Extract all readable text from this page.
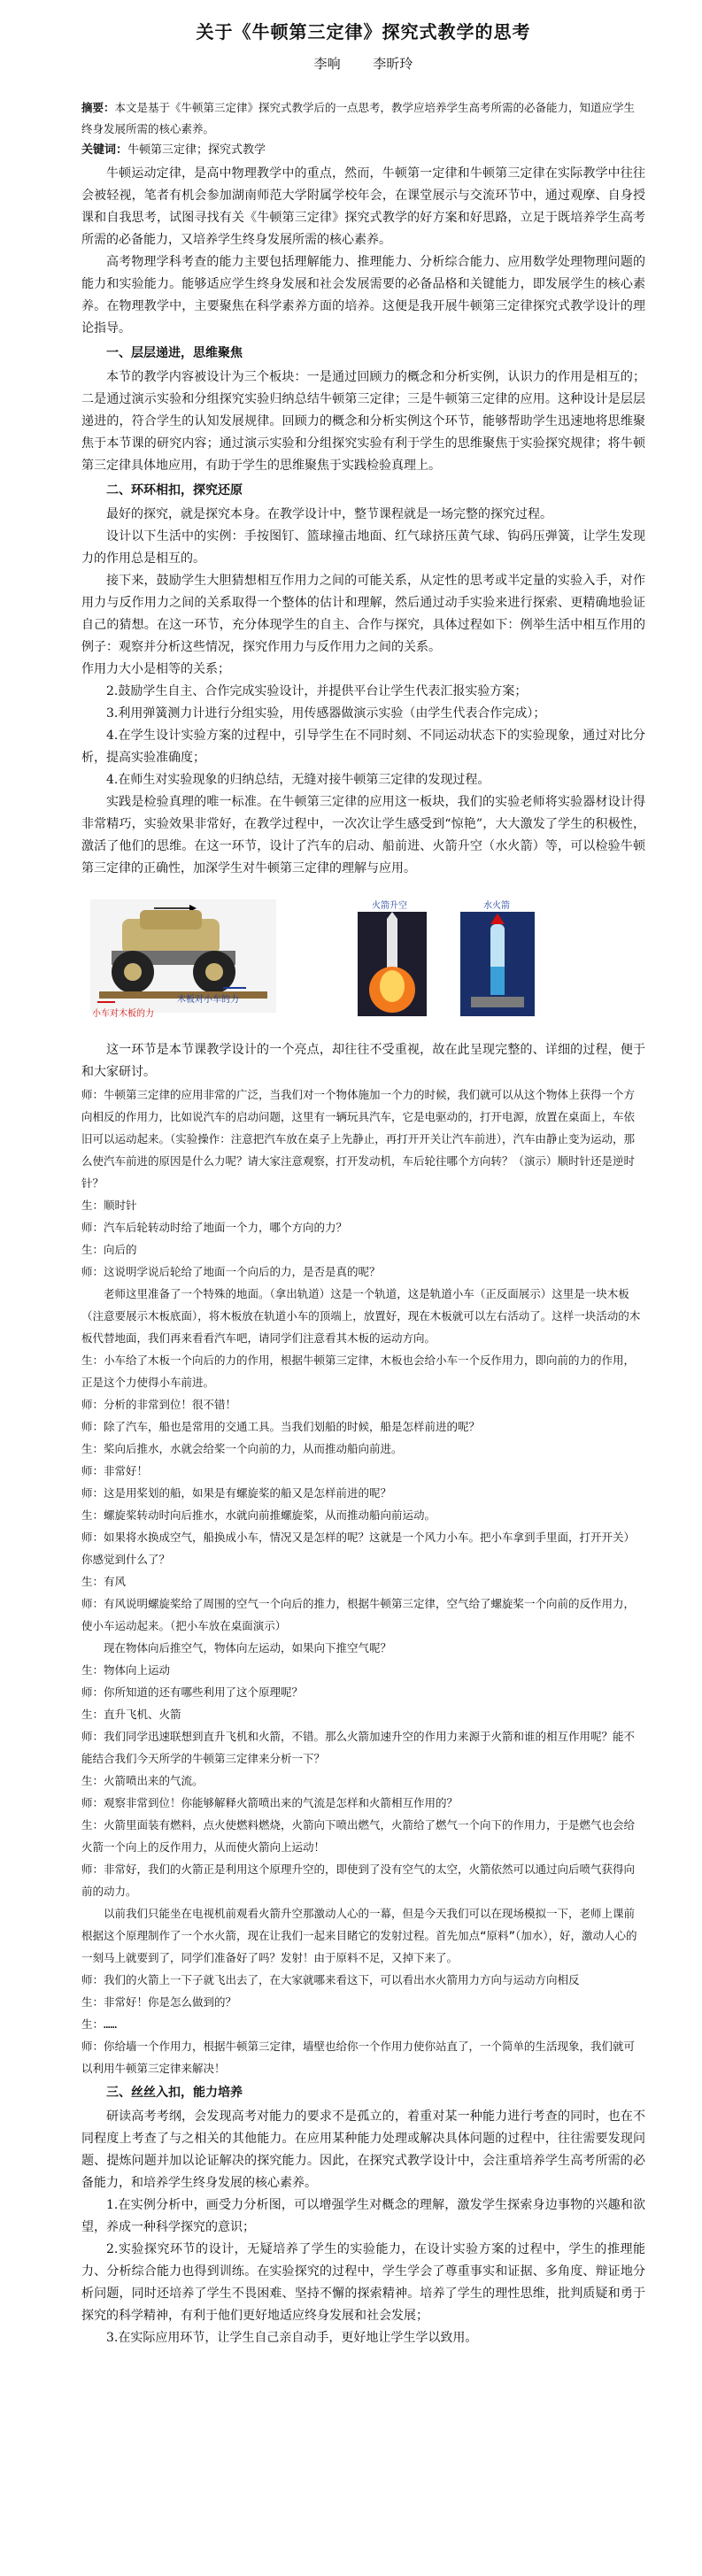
关于《牛顿第三定律》探究式教学的思考
李响 李昕玲

摘要：本文是基于《牛顿第三定律》探究式教学后的一点思考，教学应培养学生高考所需的必备能力，知道应学生终身发展所需的核心素养。

关键词：牛顿第三定律；探究式教学

牛顿运动定律，是高中物理教学中的重点，然而，牛顿第一定律和牛顿第三定律在实际教学中往往会被轻视，笔者有机会参加湖南师范大学附属学校年会，在课堂展示与交流环节中，通过观摩、自身授课和自我思考，试图寻找有关《牛顿第三定律》探究式教学的好方案和好思路，立足于既培养学生高考所需的必备能力，又培养学生终身发展所需的核心素养。

高考物理学科考查的能力主要包括理解能力、推理能力、分析综合能力、应用数学处理物理问题的能力和实验能力。能够适应学生终身发展和社会发展需要的必备品格和关键能力，即发展学生的核心素养。在物理教学中，主要聚焦在科学素养方面的培养。这便是我开展牛顿第三定律探究式教学设计的理论指导。

一、层层递进，思维聚焦

本节的教学内容被设计为三个板块：一是通过回顾力的概念和分析实例，认识力的作用是相互的；二是通过演示实验和分组探究实验归纳总结牛顿第三定律；三是牛顿第三定律的应用。这种设计是层层递进的，符合学生的认知发展规律。回顾力的概念和分析实例这个环节，能够帮助学生迅速地将思维聚焦于本节课的研究内容；通过演示实验和分组探究实验有利于学生的思维聚焦于实验探究规律；将牛顿第三定律具体地应用，有助于学生的思维聚焦于实践检验真理上。

二、环环相扣，探究还原

最好的探究，就是探究本身。在教学设计中，整节课程就是一场完整的探究过程。

设计以下生活中的实例：手按图钉、篮球撞击地面、红气球挤压黄气球、钩码压弹簧，让学生发现力的作用总是相互的。

接下来，鼓励学生大胆猜想相互作用力之间的可能关系，从定性的思考或半定量的实验入手，对作用力与反作用力之间的关系取得一个整体的估计和理解，然后通过动手实验来进行探索、更精确地验证自己的猜想。在这一环节，充分体现学生的自主、合作与探究，具体过程如下：例举生活中相互作用的例子：观察并分析这些情况，探究作用力与反作用力之间的关系。

作用力大小是相等的关系；

2.鼓励学生自主、合作完成实验设计，并提供平台让学生代表汇报实验方案；

3.利用弹簧测力计进行分组实验，用传感器做演示实验（由学生代表合作完成）；

4.在学生设计实验方案的过程中，引导学生在不同时刻、不同运动状态下的实验现象，通过对比分析，提高实验准确度；

4.在师生对实验现象的归纳总结，无缝对接牛顿第三定律的发现过程。

实践是检验真理的唯一标准。在牛顿第三定律的应用这一板块，我们的实验老师将实验器材设计得非常精巧，实验效果非常好，在教学过程中，一次次让学生感受到“惊艳”，大大激发了学生的积极性，激活了他们的思维。在这一环节，设计了汽车的启动、船前进、火箭升空（水火箭）等，可以检验牛顿第三定律的正确性，加深学生对牛顿第三定律的理解与应用。

小车对木板的力
木板对小车的力
火箭升空	水火箭

这一环节是本节课教学设计的一个亮点，却往往不受重视，故在此呈现完整的、详细的过程，便于和大家研讨。

师：牛顿第三定律的应用非常的广泛，当我们对一个物体施加一个力的时候，我们就可以从这个物体上获得一个方向相反的作用力，比如说汽车的启动问题，这里有一辆玩具汽车，它是电驱动的，打开电源，放置在桌面上，车依旧可以运动起来。（实验操作：注意把汽车放在桌子上先静止，再打开开关让汽车前进），汽车由静止变为运动，那么使汽车前进的原因是什么力呢？请大家注意观察，打开发动机，车后轮往哪个方向转？（演示）顺时针还是逆时针？

生：顺时针

师：汽车后轮转动时给了地面一个力，哪个方向的力？

生：向后的

师：这说明学说后轮给了地面一个向后的力，是否是真的呢？

老师这里准备了一个特殊的地面。（拿出轨道）这是一个轨道，这是轨道小车（正反面展示）这里是一块木板（注意要展示木板底面），将木板放在轨道小车的顶端上，放置好，现在木板就可以左右活动了。这样一块活动的木板代替地面，我们再来看看汽车吧，请同学们注意看其木板的运动方向。

生：小车给了木板一个向后的力的作用，根据牛顿第三定律，木板也会给小车一个反作用力，即向前的力的作用，正是这个力使得小车前进。

师：分析的非常到位！很不错！

师：除了汽车，船也是常用的交通工具。当我们划船的时候，船是怎样前进的呢？

生：桨向后推水，水就会给桨一个向前的力，从而推动船向前进。

师：非常好！

师：这是用桨划的船，如果是有螺旋桨的船又是怎样前进的呢？

生：螺旋桨转动时向后推水，水就向前推螺旋桨，从而推动船向前运动。

师：如果将水换成空气，船换成小车，情况又是怎样的呢？这就是一个风力小车。把小车拿到手里面，打开开关）你感觉到什么了？

生：有风

师：有风说明螺旋桨给了周围的空气一个向后的推力，根据牛顿第三定律，空气给了螺旋桨一个向前的反作用力，使小车运动起来。（把小车放在桌面演示）

现在物体向后推空气，物体向左运动，如果向下推空气呢？

生：物体向上运动

师：你所知道的还有哪些利用了这个原理呢？

生：直升飞机、火箭

师：我们同学迅速联想到直升飞机和火箭，不错。那么火箭加速升空的作用力来源于火箭和谁的相互作用呢？能不能结合我们今天所学的牛顿第三定律来分析一下？

生：火箭喷出来的气流。

师：观察非常到位！你能够解释火箭喷出来的气流是怎样和火箭相互作用的？

生：火箭里面装有燃料，点火使燃料燃烧，火箭向下喷出燃气，火箭给了燃气一个向下的作用力，于是燃气也会给火箭一个向上的反作用力，从而使火箭向上运动！

师：非常好，我们的火箭正是利用这个原理升空的，即使到了没有空气的太空，火箭依然可以通过向后喷气获得向前的动力。

以前我们只能坐在电视机前观看火箭升空那激动人心的一幕，但是今天我们可以在现场模拟一下，老师上课前根据这个原理制作了一个水火箭，现在让我们一起来目睹它的发射过程。首先加点“原料”（加水），好，激动人心的一刻马上就要到了，同学们准备好了吗？发射！由于原料不足，又掉下来了。

师：我们的火箭上一下子就飞出去了，在大家就哪来看这下，可以看出水火箭用力方向与运动方向相反

生：非常好！你是怎么做到的？

生：……

师：你给墙一个作用力，根据牛顿第三定律，墙壁也给你一个作用力使你站直了，一个简单的生活现象，我们就可以利用牛顿第三定律来解决！

三、丝丝入扣，能力培养

研读高考考纲，会发现高考对能力的要求不是孤立的，着重对某一种能力进行考查的同时，也在不同程度上考查了与之相关的其他能力。在应用某种能力处理或解决具体问题的过程中，往往需要发现问题、提炼问题并加以论证解决的探究能力。因此，在探究式教学设计中，会注重培养学生高考所需的必备能力，和培养学生终身发展的核心素养。

1.在实例分析中，画受力分析图，可以增强学生对概念的理解，激发学生探索身边事物的兴趣和欲望，养成一种科学探究的意识；

2.实验探究环节的设计，无疑培养了学生的实验能力，在设计实验方案的过程中，学生的推理能力、分析综合能力也得到训练。在实验探究的过程中，学生学会了尊重事实和证据、多角度、辩证地分析问题，同时还培养了学生不畏困难、坚持不懈的探索精神。培养了学生的理性思维，批判质疑和勇于探究的科学精神，有利于他们更好地适应终身发展和社会发展；

3.在实际应用环节，让学生自己亲自动手，更好地让学生学以致用。
